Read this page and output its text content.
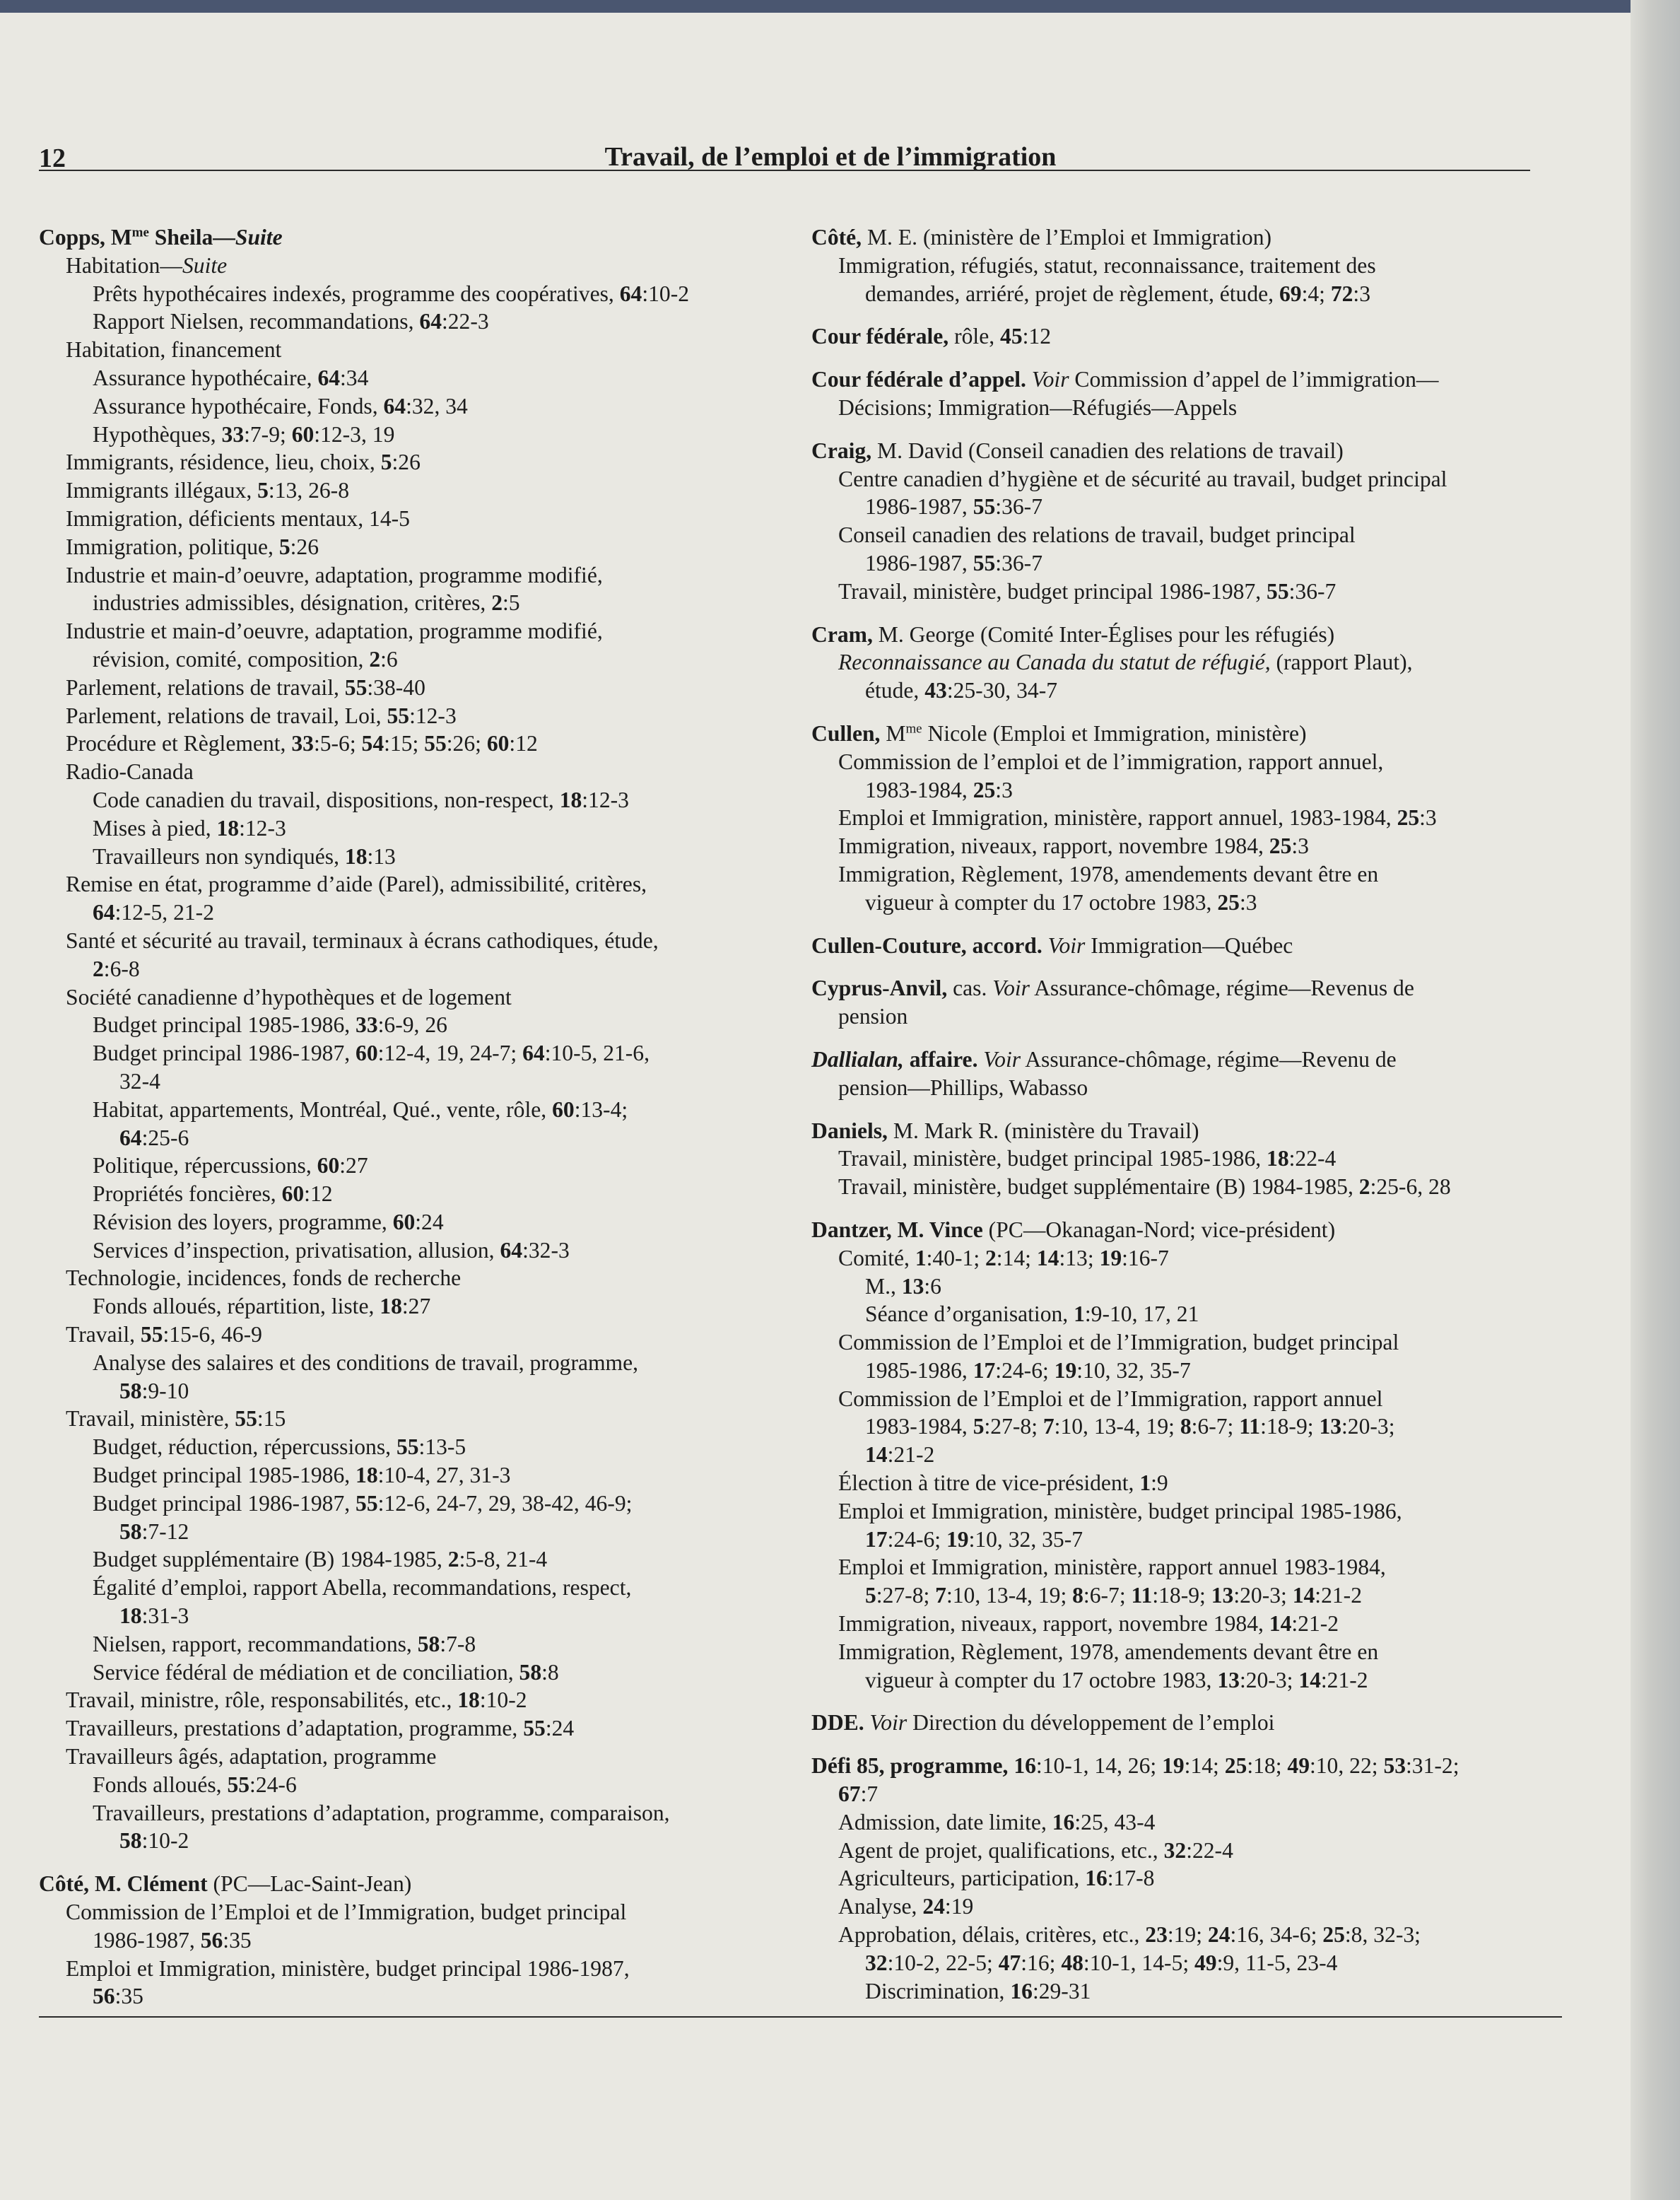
12	Travail, de l’emploi et de l’immigration
Copps, $M^{me}$ Sheila—Suite
Habitation—Suite
Prêts hypothécaires indexés, programme des coopératives, 64:10-2
Rapport Nielsen, recommandations, 64:22-3
Habitation, financement
Assurance hypothécaire, 64:34
Assurance hypothécaire, Fonds, 64:32, 34
Hypothèques, 33:7-9; 60:12-3, 19
Immigrants, résidence, lieu, choix, 5:26
Immigrants illégaux, 5:13, 26-8
Immigration, déficients mentaux, 14-5
Immigration, politique, 5:26
Industrie et main-d’oeuvre, adaptation, programme modifié,
industries admissibles, désignation, critères, 2:5
Industrie et main-d’oeuvre, adaptation, programme modifié,
révision, comité, composition, 2:6
Parlement, relations de travail, 55:38-40
Parlement, relations de travail, Loi, 55:12-3
Procédure et Règlement, 33:5-6; 54:15; 55:26; 60:12
Radio-Canada
Code canadien du travail, dispositions, non-respect, 18:12-3
Mises à pied, 18:12-3
Travailleurs non syndiqués, 18:13
Remise en état, programme d’aide (Parel), admissibilité, critères,
64:12-5, 21-2
Santé et sécurité au travail, terminaux à écrans cathodiques, étude,
2:6-8
Société canadienne d’hypothèques et de logement
Budget principal 1985-1986, 33:6-9, 26
Budget principal 1986-1987, 60:12-4, 19, 24-7; 64:10-5, 21-6,
32-4
Habitat, appartements, Montréal, Qué., vente, rôle, 60:13-4;
64:25-6
Politique, répercussions, 60:27
Propriétés foncières, 60:12
Révision des loyers, programme, 60:24
Services d’inspection, privatisation, allusion, 64:32-3
Technologie, incidences, fonds de recherche
Fonds alloués, répartition, liste, 18:27
Travail, 55:15-6, 46-9
Analyse des salaires et des conditions de travail, programme,
58:9-10
Travail, ministère, 55:15
Budget, réduction, répercussions, 55:13-5
Budget principal 1985-1986, 18:10-4, 27, 31-3
Budget principal 1986-1987, 55:12-6, 24-7, 29, 38-42, 46-9;
58:7-12
Budget supplémentaire (B) 1984-1985, 2:5-8, 21-4
Égalité d’emploi, rapport Abella, recommandations, respect,
18:31-3
Nielsen, rapport, recommandations, 58:7-8
Service fédéral de médiation et de conciliation, 58:8
Travail, ministre, rôle, responsabilités, etc., 18:10-2
Travailleurs, prestations d’adaptation, programme, 55:24
Travailleurs âgés, adaptation, programme
Fonds alloués, 55:24-6
Travailleurs, prestations d’adaptation, programme, comparaison,
58:10-2
Côté, M. Clément (PC—Lac-Saint-Jean)
Commission de l’Emploi et de l’Immigration, budget principal
1986-1987, 56:35
Emploi et Immigration, ministère, budget principal 1986-1987,
56:35
Côté, M. E. (ministère de l’Emploi et Immigration)
Immigration, réfugiés, statut, reconnaissance, traitement des
demandes, arriéré, projet de règlement, étude, 69:4; 72:3
Cour fédérale, rôle, 45:12
Cour fédérale d’appel. Voir Commission d’appel de l’immigration—
Décisions; Immigration—Réfugiés—Appels
Craig, M. David (Conseil canadien des relations de travail)
Centre canadien d’hygiène et de sécurité au travail, budget principal
1986-1987, 55:36-7
Conseil canadien des relations de travail, budget principal
1986-1987, 55:36-7
Travail, ministère, budget principal 1986-1987, 55:36-7
Cram, M. George (Comité Inter-Églises pour les réfugiés)
Reconnaissance au Canada du statut de réfugié, (rapport Plaut),
étude, 43:25-30, 34-7
Cullen, $M^{me}$ Nicole (Emploi et Immigration, ministère)
Commission de l’emploi et de l’immigration, rapport annuel,
1983-1984, 25:3
Emploi et Immigration, ministère, rapport annuel, 1983-1984, 25:3
Immigration, niveaux, rapport, novembre 1984, 25:3
Immigration, Règlement, 1978, amendements devant être en
vigueur à compter du 17 octobre 1983, 25:3
Cullen-Couture, accord. Voir Immigration—Québec
Cyprus-Anvil, cas. Voir Assurance-chômage, régime—Revenus de
pension
Dallialan, affaire. Voir Assurance-chômage, régime—Revenu de
pension—Phillips, Wabasso
Daniels, M. Mark R. (ministère du Travail)
Travail, ministère, budget principal 1985-1986, 18:22-4
Travail, ministère, budget supplémentaire (B) 1984-1985, 2:25-6, 28
Dantzer, M. Vince (PC—Okanagan-Nord; vice-président)
Comité, 1:40-1; 2:14; 14:13; 19:16-7
M., 13:6
Séance d’organisation, 1:9-10, 17, 21
Commission de l’Emploi et de l’Immigration, budget principal
1985-1986, 17:24-6; 19:10, 32, 35-7
Commission de l’Emploi et de l’Immigration, rapport annuel
1983-1984, 5:27-8; 7:10, 13-4, 19; 8:6-7; 11:18-9; 13:20-3;
14:21-2
Élection à titre de vice-président, 1:9
Emploi et Immigration, ministère, budget principal 1985-1986,
17:24-6; 19:10, 32, 35-7
Emploi et Immigration, ministère, rapport annuel 1983-1984,
5:27-8; 7:10, 13-4, 19; 8:6-7; 11:18-9; 13:20-3; 14:21-2
Immigration, niveaux, rapport, novembre 1984, 14:21-2
Immigration, Règlement, 1978, amendements devant être en
vigueur à compter du 17 octobre 1983, 13:20-3; 14:21-2
DDE. Voir Direction du développement de l’emploi
Défi 85, programme, 16:10-1, 14, 26; 19:14; 25:18; 49:10, 22; 53:31-2;
67:7
Admission, date limite, 16:25, 43-4
Agent de projet, qualifications, etc., 32:22-4
Agriculteurs, participation, 16:17-8
Analyse, 24:19
Approbation, délais, critères, etc., 23:19; 24:16, 34-6; 25:8, 32-3;
32:10-2, 22-5; 47:16; 48:10-1, 14-5; 49:9, 11-5, 23-4
Discrimination, 16:29-31
